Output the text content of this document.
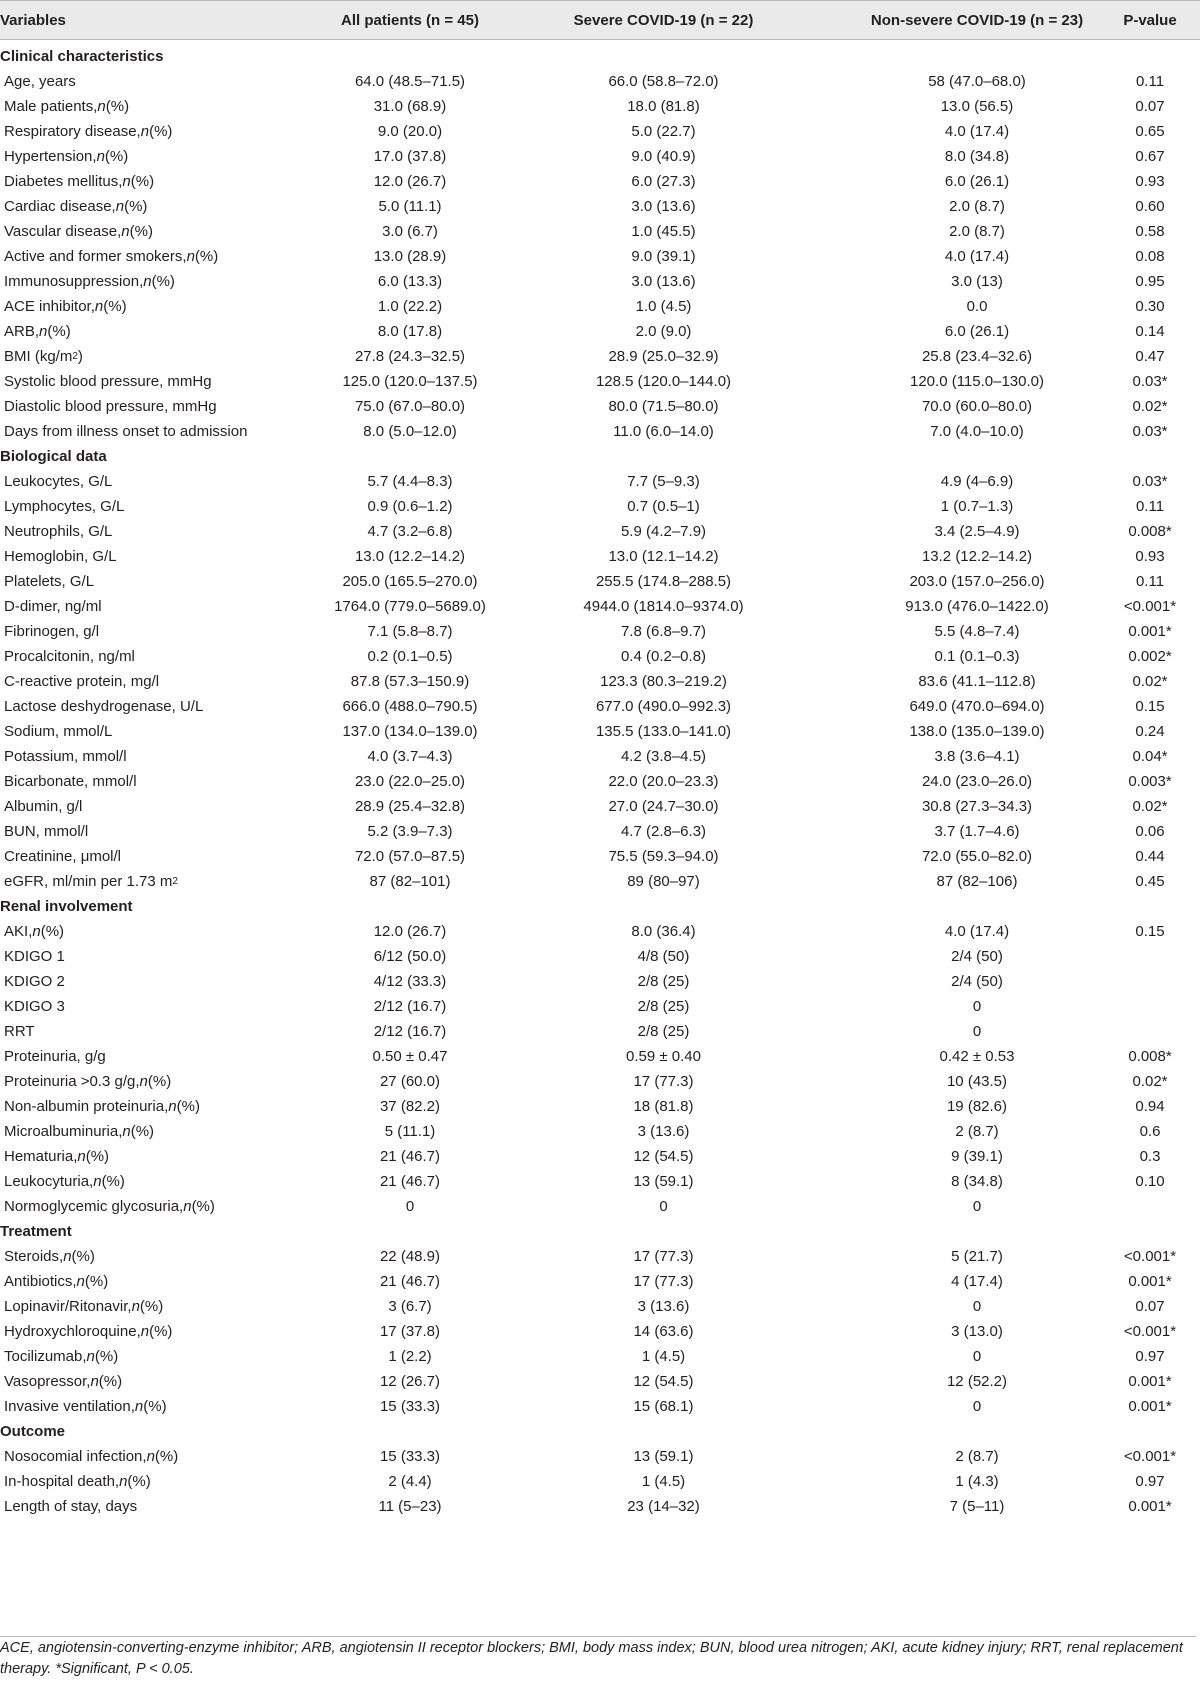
Variables	All patients (n = 45)	Severe COVID-19 (n = 22)	Non-severe COVID-19 (n = 23)	P-value
Clinical characteristics
Age, years	64.0 (48.5–71.5)	66.0 (58.8–72.0)	58 (47.0–68.0)	0.11
Male patients, n (%)	31.0 (68.9)	18.0 (81.8)	13.0 (56.5)	0.07
Respiratory disease, n (%)	9.0 (20.0)	5.0 (22.7)	4.0 (17.4)	0.65
Hypertension, n (%)	17.0 (37.8)	9.0 (40.9)	8.0 (34.8)	0.67
Diabetes mellitus, n (%)	12.0 (26.7)	6.0 (27.3)	6.0 (26.1)	0.93
Cardiac disease, n (%)	5.0 (11.1)	3.0 (13.6)	2.0 (8.7)	0.60
Vascular disease, n (%)	3.0 (6.7)	1.0 (45.5)	2.0 (8.7)	0.58
Active and former smokers, n (%)	13.0 (28.9)	9.0 (39.1)	4.0 (17.4)	0.08
Immunosuppression, n (%)	6.0 (13.3)	3.0 (13.6)	3.0 (13)	0.95
ACE inhibitor, n (%)	1.0 (22.2)	1.0 (4.5)	0.0	0.30
ARB, n (%)	8.0 (17.8)	2.0 (9.0)	6.0 (26.1)	0.14
BMI (kg/m 2 )	27.8 (24.3–32.5)	28.9 (25.0–32.9)	25.8 (23.4–32.6)	0.47
Systolic blood pressure, mmHg	125.0 (120.0–137.5)	128.5 (120.0–144.0)	120.0 (115.0–130.0)	0.03*
Diastolic blood pressure, mmHg	75.0 (67.0–80.0)	80.0 (71.5–80.0)	70.0 (60.0–80.0)	0.02*
Days from illness onset to admission	8.0 (5.0–12.0)	11.0 (6.0–14.0)	7.0 (4.0–10.0)	0.03*
Biological data
Leukocytes, G/L	5.7 (4.4–8.3)	7.7 (5–9.3)	4.9 (4–6.9)	0.03*
Lymphocytes, G/L	0.9 (0.6–1.2)	0.7 (0.5–1)	1 (0.7–1.3)	0.11
Neutrophils, G/L	4.7 (3.2–6.8)	5.9 (4.2–7.9)	3.4 (2.5–4.9)	0.008*
Hemoglobin, G/L	13.0 (12.2–14.2)	13.0 (12.1–14.2)	13.2 (12.2–14.2)	0.93
Platelets, G/L	205.0 (165.5–270.0)	255.5 (174.8–288.5)	203.0 (157.0–256.0)	0.11
D-dimer, ng/ml	1764.0 (779.0–5689.0)	4944.0 (1814.0–9374.0)	913.0 (476.0–1422.0)	<0.001*
Fibrinogen, g/l	7.1 (5.8–8.7)	7.8 (6.8–9.7)	5.5 (4.8–7.4)	0.001*
Procalcitonin, ng/ml	0.2 (0.1–0.5)	0.4 (0.2–0.8)	0.1 (0.1–0.3)	0.002*
C-reactive protein, mg/l	87.8 (57.3–150.9)	123.3 (80.3–219.2)	83.6 (41.1–112.8)	0.02*
Lactose deshydrogenase, U/L	666.0 (488.0–790.5)	677.0 (490.0–992.3)	649.0 (470.0–694.0)	0.15
Sodium, mmol/L	137.0 (134.0–139.0)	135.5 (133.0–141.0)	138.0 (135.0–139.0)	0.24
Potassium, mmol/l	4.0 (3.7–4.3)	4.2 (3.8–4.5)	3.8 (3.6–4.1)	0.04*
Bicarbonate, mmol/l	23.0 (22.0–25.0)	22.0 (20.0–23.3)	24.0 (23.0–26.0)	0.003*
Albumin, g/l	28.9 (25.4–32.8)	27.0 (24.7–30.0)	30.8 (27.3–34.3)	0.02*
BUN, mmol/l	5.2 (3.9–7.3)	4.7 (2.8–6.3)	3.7 (1.7–4.6)	0.06
Creatinine, μmol/l	72.0 (57.0–87.5)	75.5 (59.3–94.0)	72.0 (55.0–82.0)	0.44
eGFR, ml/min per 1.73 m 2	87 (82–101)	89 (80–97)	87 (82–106)	0.45
Renal involvement
AKI, n (%)	12.0 (26.7)	8.0 (36.4)	4.0 (17.4)	0.15
KDIGO 1	6/12 (50.0)	4/8 (50)	2/4 (50)
KDIGO 2	4/12 (33.3)	2/8 (25)	2/4 (50)
KDIGO 3	2/12 (16.7)	2/8 (25)	0
RRT	2/12 (16.7)	2/8 (25)	0
Proteinuria, g/g	0.50 ± 0.47	0.59 ± 0.40	0.42 ± 0.53	0.008*
Proteinuria >0.3 g/g, n (%)	27 (60.0)	17 (77.3)	10 (43.5)	0.02*
Non-albumin proteinuria, n (%)	37 (82.2)	18 (81.8)	19 (82.6)	0.94
Microalbuminuria, n (%)	5 (11.1)	3 (13.6)	2 (8.7)	0.6
Hematuria, n (%)	21 (46.7)	12 (54.5)	9 (39.1)	0.3
Leukocyturia, n (%)	21 (46.7)	13 (59.1)	8 (34.8)	0.10
Normoglycemic glycosuria, n (%)	0	0	0
Treatment
Steroids, n (%)	22 (48.9)	17 (77.3)	5 (21.7)	<0.001*
Antibiotics, n (%)	21 (46.7)	17 (77.3)	4 (17.4)	0.001*
Lopinavir/Ritonavir, n (%)	3 (6.7)	3 (13.6)	0	0.07
Hydroxychloroquine, n (%)	17 (37.8)	14 (63.6)	3 (13.0)	<0.001*
Tocilizumab, n (%)	1 (2.2)	1 (4.5)	0	0.97
Vasopressor, n (%)	12 (26.7)	12 (54.5)	12 (52.2)	0.001*
Invasive ventilation, n (%)	15 (33.3)	15 (68.1)	0	0.001*
Outcome
Nosocomial infection, n (%)	15 (33.3)	13 (59.1)	2 (8.7)	<0.001*
In-hospital death, n (%)	2 (4.4)	1 (4.5)	1 (4.3)	0.97
Length of stay, days	11 (5–23)	23 (14–32)	7 (5–11)	0.001*
ACE, angiotensin-converting-enzyme inhibitor; ARB, angiotensin II receptor blockers; BMI, body mass index; BUN, blood urea nitrogen; AKI, acute kidney injury; RRT, renal replacement therapy. *Significant, P < 0.05.
